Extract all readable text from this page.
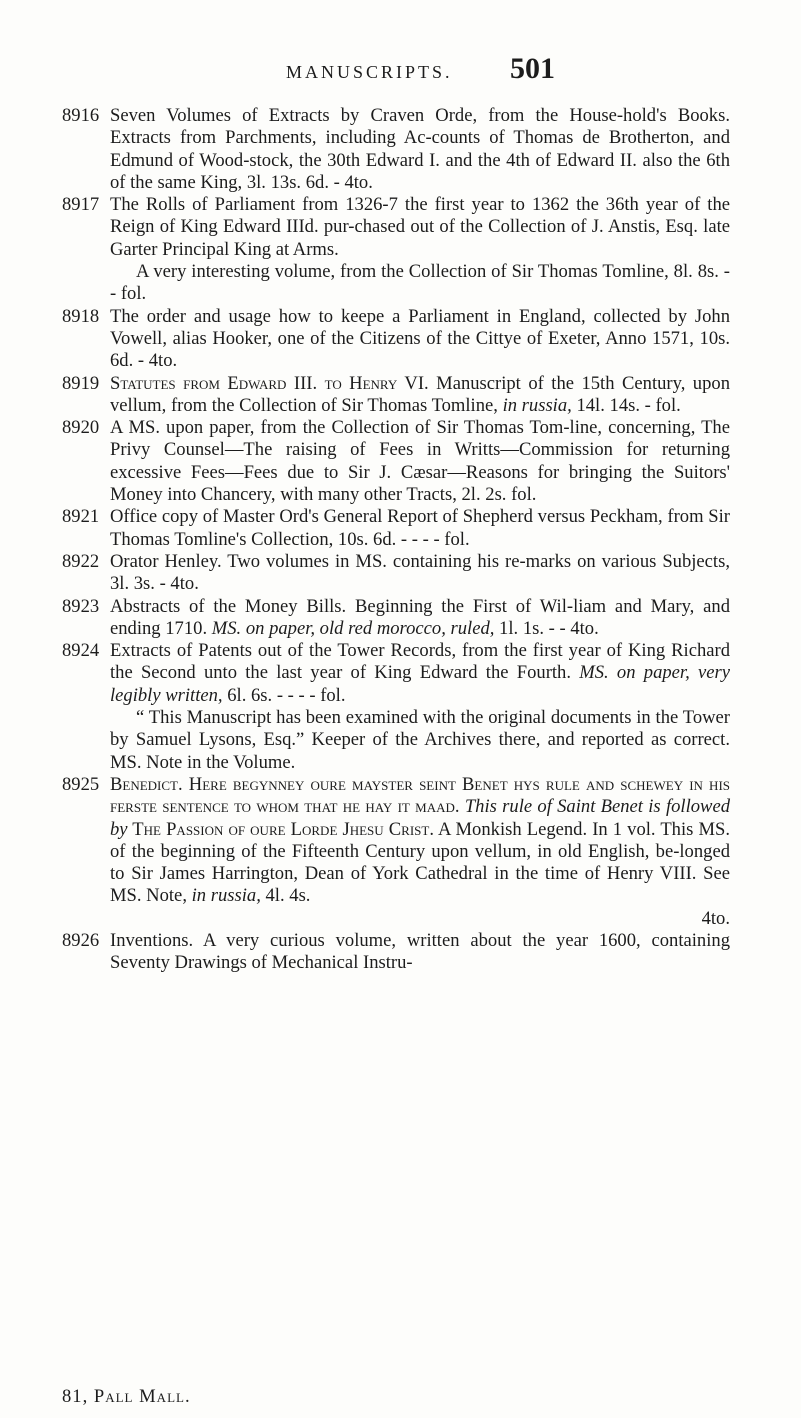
MANUSCRIPTS. 501
8916 Seven Volumes of Extracts by Craven Orde, from the House-hold's Books. Extracts from Parchments, including Ac-counts of Thomas de Brotherton, and Edmund of Wood-stock, the 30th Edward I. and the 4th of Edward II. also the 6th of the same King, 3l. 13s. 6d. - 4to.

8917 The Rolls of Parliament from 1326-7 the first year to 1362 the 36th year of the Reign of King Edward IIId. pur-chased out of the Collection of J. Anstis, Esq. late Garter Principal King at Arms.

A very interesting volume, from the Collection of Sir Thomas Tomline, 8l. 8s. - - fol.

8918 The order and usage how to keepe a Parliament in England, collected by John Vowell, alias Hooker, one of the Citizens of the Cittye of Exeter, Anno 1571, 10s. 6d. - 4to.

8919 Statutes from Edward III. to Henry VI. Manuscript of the 15th Century, upon vellum, from the Collection of Sir Thomas Tomline, in russia, 14l. 14s. - fol.

8920 A MS. upon paper, from the Collection of Sir Thomas Tom-line, concerning, The Privy Counsel—The raising of Fees in Writts—Commission for returning excessive Fees—Fees due to Sir J. Cæsar—Reasons for bringing the Suitors' Money into Chancery, with many other Tracts, 2l. 2s. fol.

8921 Office copy of Master Ord's General Report of Shepherd versus Peckham, from Sir Thomas Tomline's Collection, 10s. 6d. - - - - fol.

8922 Orator Henley. Two volumes in MS. containing his re-marks on various Subjects, 3l. 3s. - 4to.

8923 Abstracts of the Money Bills. Beginning the First of Wil-liam and Mary, and ending 1710. MS. on paper, old red morocco, ruled, 1l. 1s. - - 4to.

8924 Extracts of Patents out of the Tower Records, from the first year of King Richard the Second unto the last year of King Edward the Fourth. MS. on paper, very legibly written, 6l. 6s. - - - - fol.

“ This Manuscript has been examined with the original documents in the Tower by Samuel Lysons, Esq.” Keeper of the Archives there, and reported as correct. MS. Note in the Volume.

8925 Benedict. Here begynney oure mayster seint Benet hys rule and schewey in his ferste sentence to whom that he hay it maad. This rule of Saint Benet is followed by The Passion of oure Lorde Jhesu Crist. A Monkish Legend. In 1 vol. This MS. of the beginning of the Fifteenth Century upon vellum, in old English, be-longed to Sir James Harrington, Dean of York Cathedral in the time of Henry VIII. See MS. Note, in russia, 4l. 4s.

4to.

8926 Inventions. A very curious volume, written about the year 1600, containing Seventy Drawings of Mechanical Instru-

81, Pall Mall.
